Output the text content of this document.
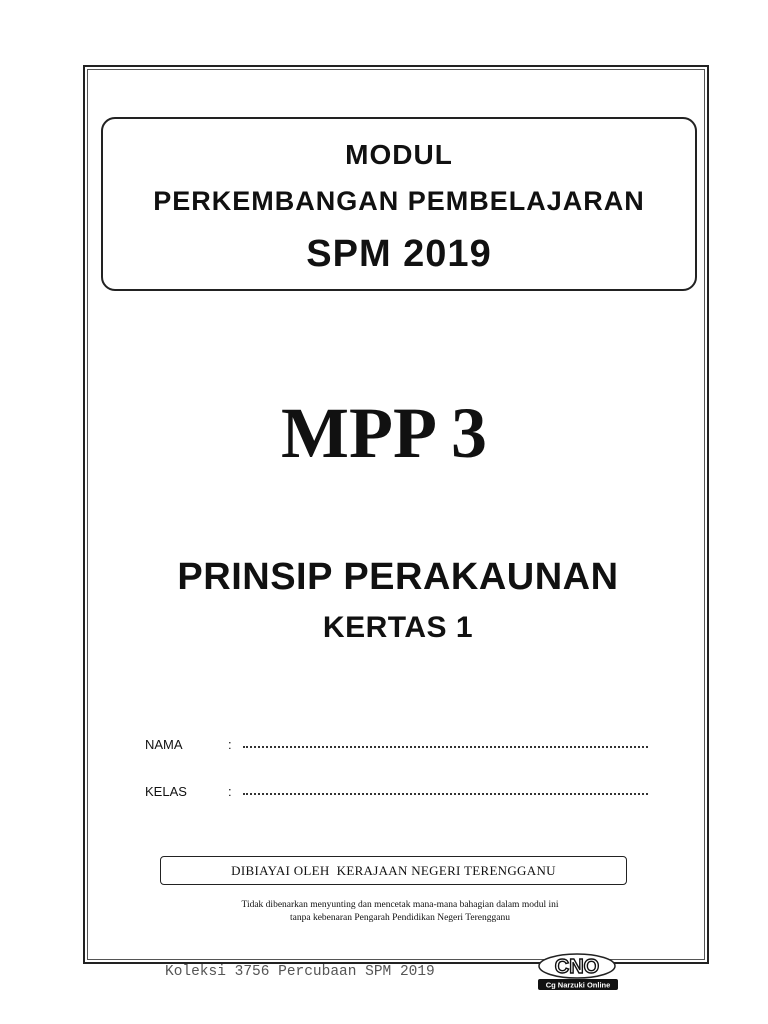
MODUL
PERKEMBANGAN PEMBELAJARAN
SPM 2019
MPP 3
PRINSIP PERAKAUNAN
KERTAS 1
NAMA	:
KELAS	:
DIBIAYAI OLEH  KERAJAAN NEGERI TERENGGANU
Tidak dibenarkan menyunting dan mencetak mana-mana bahagian dalam modul ini
tanpa kebenaran Pengarah Pendidikan Negeri Terengganu
Koleksi 3756 Percubaan SPM 2019	CNO
Cg Narzuki Online
